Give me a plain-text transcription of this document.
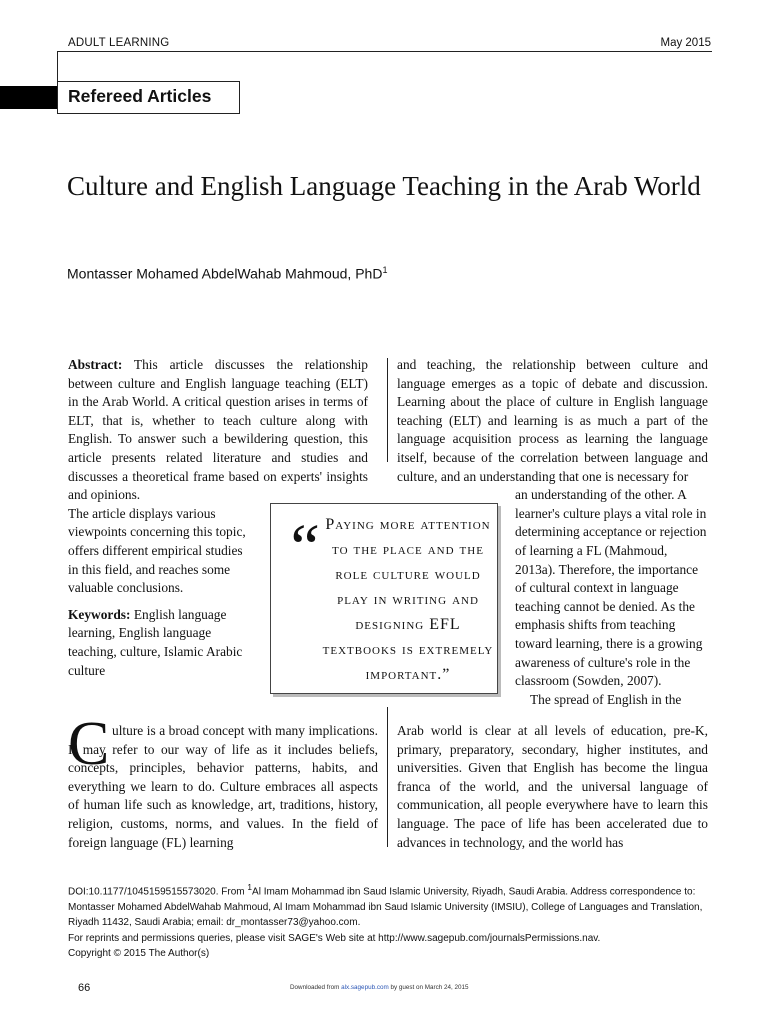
ADULT LEARNING	May 2015
Refereed Articles
Culture and English Language Teaching in the Arab World
Montasser Mohamed AbdelWahab Mahmoud, PhD$^1$

Abstract: This article discusses the relationship between culture and English language teaching (ELT) in the Arab World. A critical question arises in terms of ELT, that is, whether to teach culture along with English. To answer such a bewildering question, this article presents related literature and studies and discusses a theoretical frame based on experts' insights and opinions.

The article displays various viewpoints concerning this topic, offers different empirical studies in this field, and reaches some valuable conclusions.

Keywords: English language learning, English language teaching, culture, Islamic Arabic culture

and teaching, the relationship between culture and language emerges as a topic of debate and discussion. Learning about the place of culture in English language teaching (ELT) and learning is as much a part of the language acquisition process as learning the language itself, because of the correlation between language and culture, and an understanding that one is necessary for

an understanding of the other. A learner's culture plays a vital role in determining acceptance or rejection of learning a FL (Mahmoud, 2013a). Therefore, the importance of cultural context in language teaching cannot be denied. As the emphasis shifts from teaching toward learning, there is a growing awareness of culture's role in the classroom (Sowden, 2007).

The spread of English in the

“ Paying more attention to the place and the role culture would play in writing and designing EFL textbooks is extremely important.”
C ulture is a broad concept with many implications. It may refer to our way of life as it includes beliefs, concepts, principles, behavior patterns, habits, and everything we learn to do. Culture embraces all aspects of human life such as knowledge, art, traditions, history, religion, customs, norms, and values. In the field of foreign language (FL) learning

Arab world is clear at all levels of education, pre-K, primary, preparatory, secondary, higher institutes, and universities. Given that English has become the lingua franca of the world, and the universal language of communication, all people everywhere have to learn this language. The pace of life has been accelerated due to advances in technology, and the world has

DOI:10.1177/1045159515573020. From $^1$Al Imam Mohammad ibn Saud Islamic University, Riyadh, Saudi Arabia. Address correspondence to: Montasser Mohamed AbdelWahab Mahmoud, Al Imam Mohammad ibn Saud Islamic University (IMSIU), College of Languages and Translation, Riyadh 11432, Saudi Arabia; email: dr_montasser73@yahoo.com.
For reprints and permissions queries, please visit SAGE's Web site at http://www.sagepub.com/journalsPermissions.nav.
Copyright © 2015 The Author(s)
66	Downloaded from alx.sagepub.com by guest on March 24, 2015
